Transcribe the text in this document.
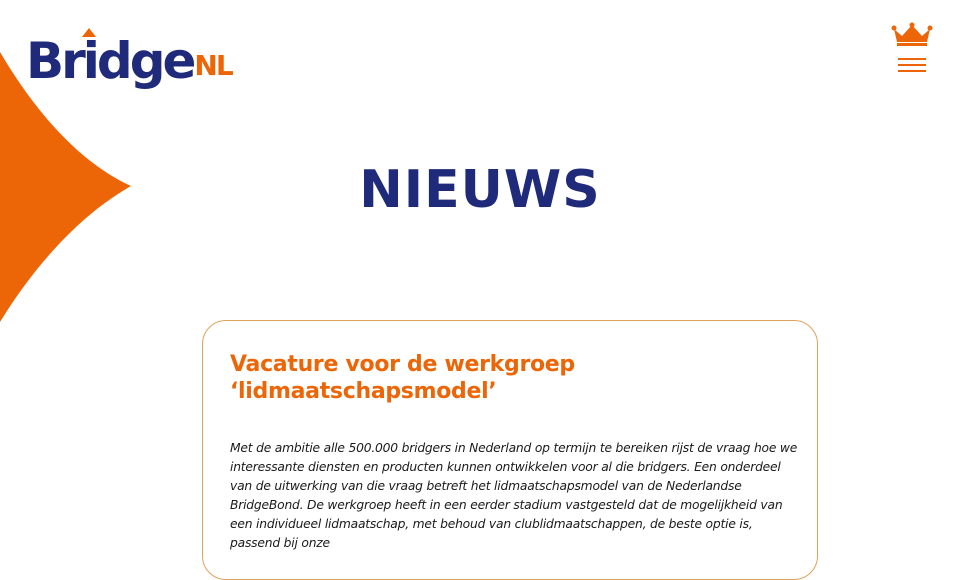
Bridge NL
NIEUWS
Vacature voor de werkgroep ‘lidmaatschapsmodel’

Met de ambitie alle 500.000 bridgers in Nederland op termijn te bereiken rijst de vraag hoe we interessante diensten en producten kunnen ontwikkelen voor al die bridgers. Een onderdeel van de uitwerking van die vraag betreft het lidmaatschapsmodel van de Nederlandse BridgeBond. De werkgroep heeft in een eerder stadium vastgesteld dat de mogelijkheid van een individueel lidmaatschap, met behoud van clublidmaatschappen, de beste optie is, passend bij onze
